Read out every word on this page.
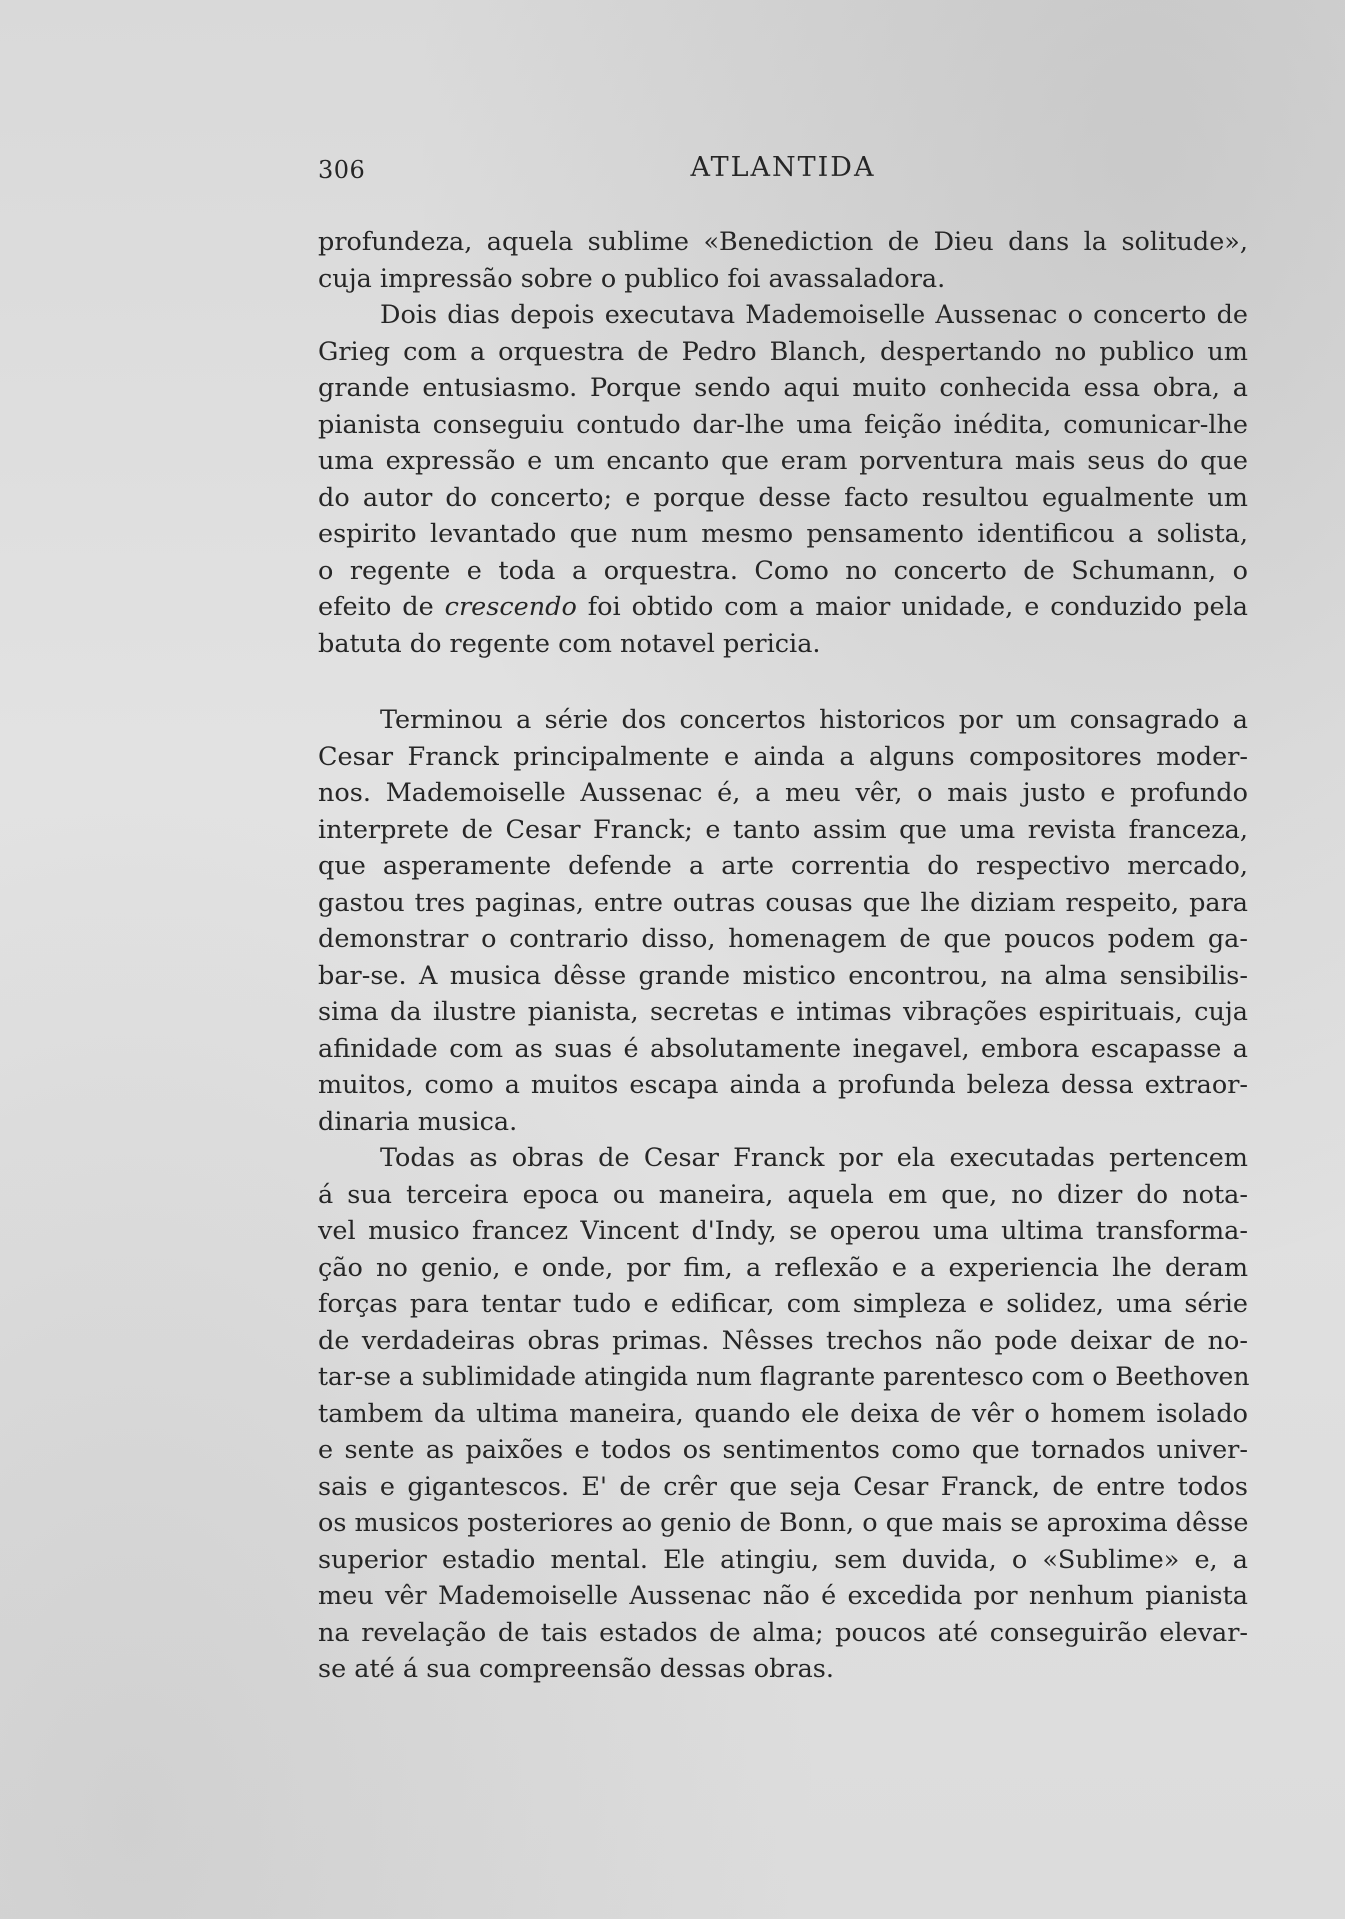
306	ATLANTIDA
profundeza, aquela sublime «Benediction de Dieu dans la solitude»,
cuja impressão sobre o publico foi avassaladora.
Dois dias depois executava Mademoiselle Aussenac o concerto de
Grieg com a orquestra de Pedro Blanch, despertando no publico um
grande entusiasmo. Porque sendo aqui muito conhecida essa obra, a
pianista conseguiu contudo dar-lhe uma feição inédita, comunicar-lhe
uma expressão e um encanto que eram porventura mais seus do que
do autor do concerto; e porque desse facto resultou egualmente um
espirito levantado que num mesmo pensamento identificou a solista,
o regente e toda a orquestra. Como no concerto de Schumann, o
efeito de crescendo foi obtido com a maior unidade, e conduzido pela
batuta do regente com notavel pericia.
Terminou a série dos concertos historicos por um consagrado a
Cesar Franck principalmente e ainda a alguns compositores moder-
nos. Mademoiselle Aussenac é, a meu vêr, o mais justo e profundo
interprete de Cesar Franck; e tanto assim que uma revista franceza,
que asperamente defende a arte correntia do respectivo mercado,
gastou tres paginas, entre outras cousas que lhe diziam respeito, para
demonstrar o contrario disso, homenagem de que poucos podem ga-
bar-se. A musica dêsse grande mistico encontrou, na alma sensibilis-
sima da ilustre pianista, secretas e intimas vibrações espirituais, cuja
afinidade com as suas é absolutamente inegavel, embora escapasse a
muitos, como a muitos escapa ainda a profunda beleza dessa extraor-
dinaria musica.
Todas as obras de Cesar Franck por ela executadas pertencem
á sua terceira epoca ou maneira, aquela em que, no dizer do nota-
vel musico francez Vincent d'Indy, se operou uma ultima transforma-
ção no genio, e onde, por fim, a reflexão e a experiencia lhe deram
forças para tentar tudo e edificar, com simpleza e solidez, uma série
de verdadeiras obras primas. Nêsses trechos não pode deixar de no-
tar-se a sublimidade atingida num flagrante parentesco com o Beethoven
tambem da ultima maneira, quando ele deixa de vêr o homem isolado
e sente as paixões e todos os sentimentos como que tornados univer-
sais e gigantescos. E' de crêr que seja Cesar Franck, de entre todos
os musicos posteriores ao genio de Bonn, o que mais se aproxima dêsse
superior estadio mental. Ele atingiu, sem duvida, o «Sublime» e, a
meu vêr Mademoiselle Aussenac não é excedida por nenhum pianista
na revelação de tais estados de alma; poucos até conseguirão elevar-
se até á sua compreensão dessas obras.
